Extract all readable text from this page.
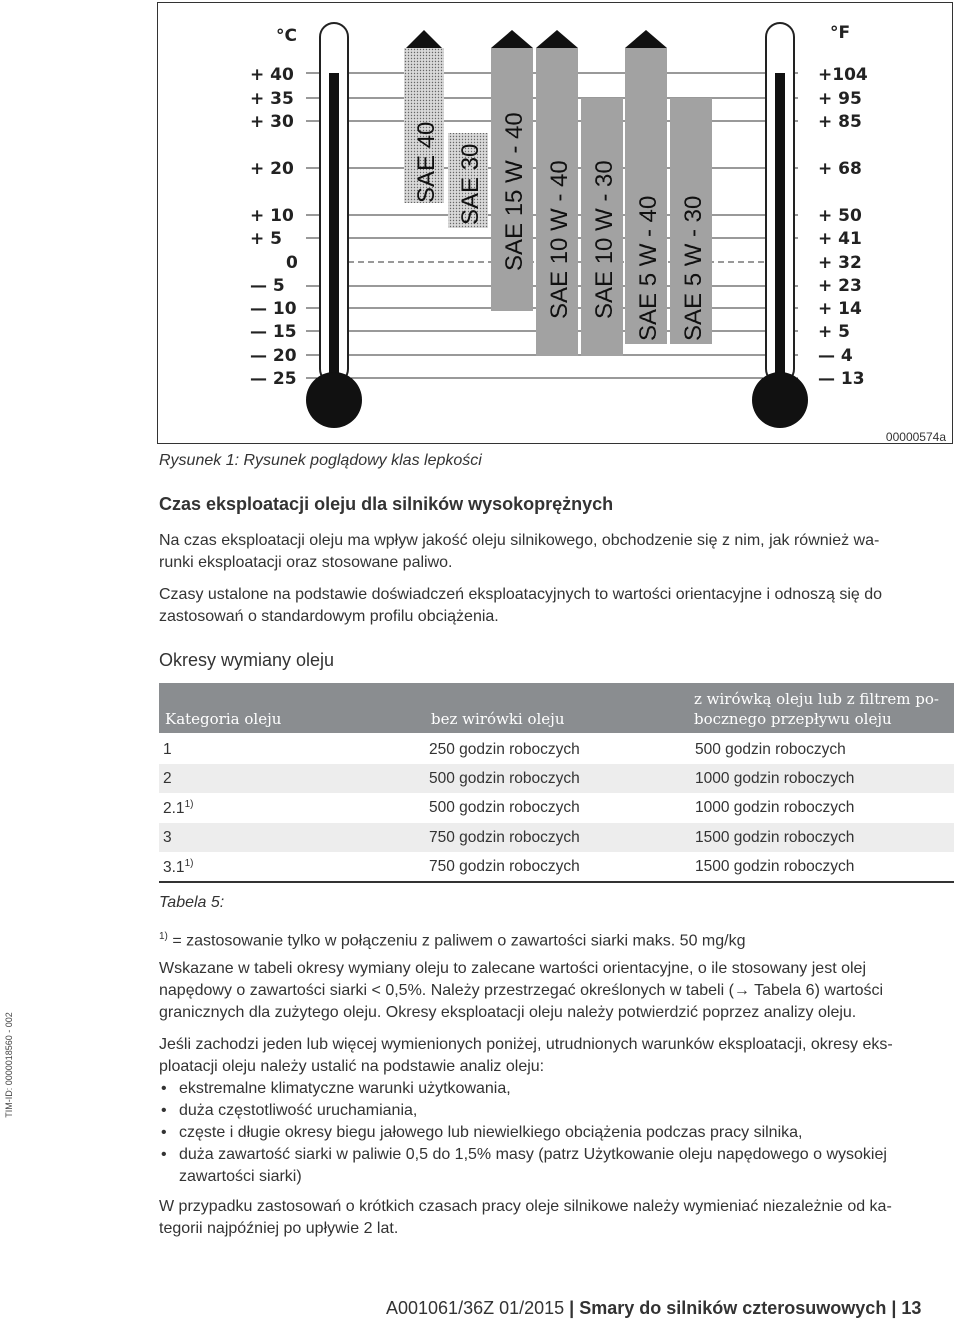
SAE 40 SAE 30 SAE 15 W - 40 SAE 10 W - 40 SAE 10 W - 30 SAE 5 W - 40 SAE 5 W - 30
°C	°F
+ 40
+ 35
+ 30
+ 20
+ 10
+ 5
0
— 5
— 10
— 15
— 20
— 25
+104
+ 95
+ 85
+ 68
+ 50
+ 41
+ 32
+ 23
+ 14
+ 5
— 4
— 13
00000574a
Rysunek 1: Rysunek poglądowy klas lepkości
Czas eksploatacji oleju dla silników wysokoprężnych

Na czas eksploatacji oleju ma wpływ jakość oleju silnikowego, obchodzenie się z nim, jak również wa-
runki eksploatacji oraz stosowane paliwo.

Czasy ustalone na podstawie doświadczeń eksploatacyjnych to wartości orientacyjne i odnoszą się do
zastosowań o standardowym profilu obciążenia.

Okresy wymiany oleju
Kategoria oleju	bez wirówki oleju
z wirówką oleju lub z filtrem po-
bocznego przepływu oleju
1	250 godzin roboczych	500 godzin roboczych
2	500 godzin roboczych	1000 godzin roboczych
2.1$^{1)}$	500 godzin roboczych	1000 godzin roboczych
3	750 godzin roboczych	1500 godzin roboczych
3.1$^{1)}$	750 godzin roboczych	1500 godzin roboczych
Tabela 5:

$^{1)}$ = zastosowanie tylko w połączeniu z paliwem o zawartości siarki maks. 50 mg/kg

Wskazane w tabeli okresy wymiany oleju to zalecane wartości orientacyjne, o ile stosowany jest olej
napędowy o zawartości siarki < 0,5%. Należy przestrzegać określonych w tabeli (→ Tabela 6) wartości
granicznych dla zużytego oleju. Okresy eksploatacji oleju należy potwierdzić poprzez analizy oleju.

Jeśli zachodzi jeden lub więcej wymienionych poniżej, utrudnionych warunków eksploatacji, okresy eks-
ploatacji oleju należy ustalić na podstawie analiz oleju:

• ekstremalne klimatyczne warunki użytkowania,
• duża częstotliwość uruchamiania,
• częste i długie okresy biegu jałowego lub niewielkiego obciążenia podczas pracy silnika,
• duża zawartość siarki w paliwie 0,5 do 1,5% masy (patrz Użytkowanie oleju napędowego o wysokiej
zawartości siarki)

W przypadku zastosowań o krótkich czasach pracy oleje silnikowe należy wymieniać niezależnie od ka-
tegorii najpóźniej po upływie 2 lat.

TIM-ID: 0000018560 - 002
A001061/36Z 01/2015 | Smary do silników czterosuwowych | 13
